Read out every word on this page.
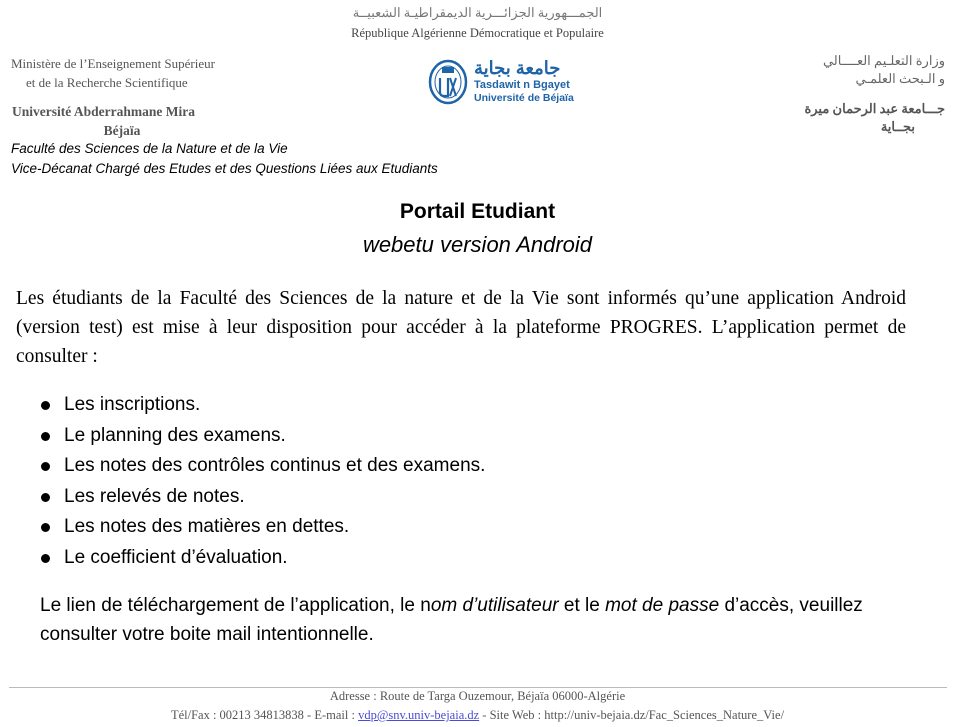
الجمـــهورية الجزائـــرية الديمقراطيـة الشعبيــة
République Algérienne Démocratique et Populaire
Ministère de l’Enseignement Supérieur
et de la Recherche Scientifique
Université Abderrahmane Mira
Béjaïa
Faculté des Sciences de la Nature et de la Vie
Vice-Décanat Chargé des Etudes et des Questions Liées aux Etudiants
وزارة التعلـيم العــــالي
و الـبحث العلمـي
جـــامعة عبد الرحمان ميرة
بجــاية
جامعة بجاية
Tasdawit n Bgayet
Université de Béjaïa
Portail Etudiant
webetu version Android
Les étudiants de la Faculté des Sciences de la nature et de la Vie sont informés qu’une application Android (version test) est mise à leur disposition pour accéder à la plateforme PROGRES. L’application permet de consulter :
Les inscriptions.
Le planning des examens.
Les notes des contrôles continus et des examens.
Les relevés de notes.
Les notes des matières en dettes.
Le coefficient d’évaluation.
Le lien de téléchargement de l’application, le nom d’utilisateur et le mot de passe d’accès, veuillez consulter votre boite mail intentionnelle.
Adresse : Route de Targa Ouzemour, Béjaïa 06000-Algérie
Tél/Fax : 00213 34813838 - E-mail : vdp@snv.univ-bejaia.dz - Site Web : http://univ-bejaia.dz/Fac_Sciences_Nature_Vie/
